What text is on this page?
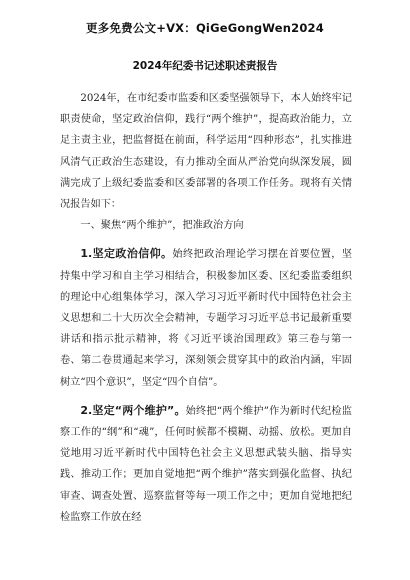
更多免费公文+VX：QiGeGongWen2024
2024年纪委书记述职述责报告

2024年，在市纪委市监委和区委坚强领导下，本人始终牢记职责使命，坚定政治信仰，践行“两个维护”，提高政治能力，立足主责主业，把监督挺在前面，科学运用“四种形态”，扎实推进风清气正政治生态建设，有力推动全面从严治党向纵深发展，圆满完成了上级纪委监委和区委部署的各项工作任务。现将有关情况报告如下：

一、聚焦“两个维护”，把准政治方向

1.坚定政治信仰。始终把政治理论学习摆在首要位置，坚持集中学习和自主学习相结合，积极参加区委、区纪委监委组织的理论中心组集体学习，深入学习习近平新时代中国特色社会主义思想和二十大历次全会精神，专题学习习近平总书记最新重要讲话和指示批示精神，将《习近平谈治国理政》第三卷与第一卷、第二卷贯通起来学习，深刻领会贯穿其中的政治内涵，牢固树立“四个意识”，坚定“四个自信”。

2.坚定“两个维护”。始终把“两个维护”作为新时代纪检监察工作的“纲”和“魂”，任何时候都不模糊、动摇、放松。更加自觉地用习近平新时代中国特色社会主义思想武装头脑、指导实践、推动工作；更加自觉地把“两个维护”落实到强化监督、执纪审查、调查处置、巡察监督等每一项工作之中；更加自觉地把纪检监察工作放在经
